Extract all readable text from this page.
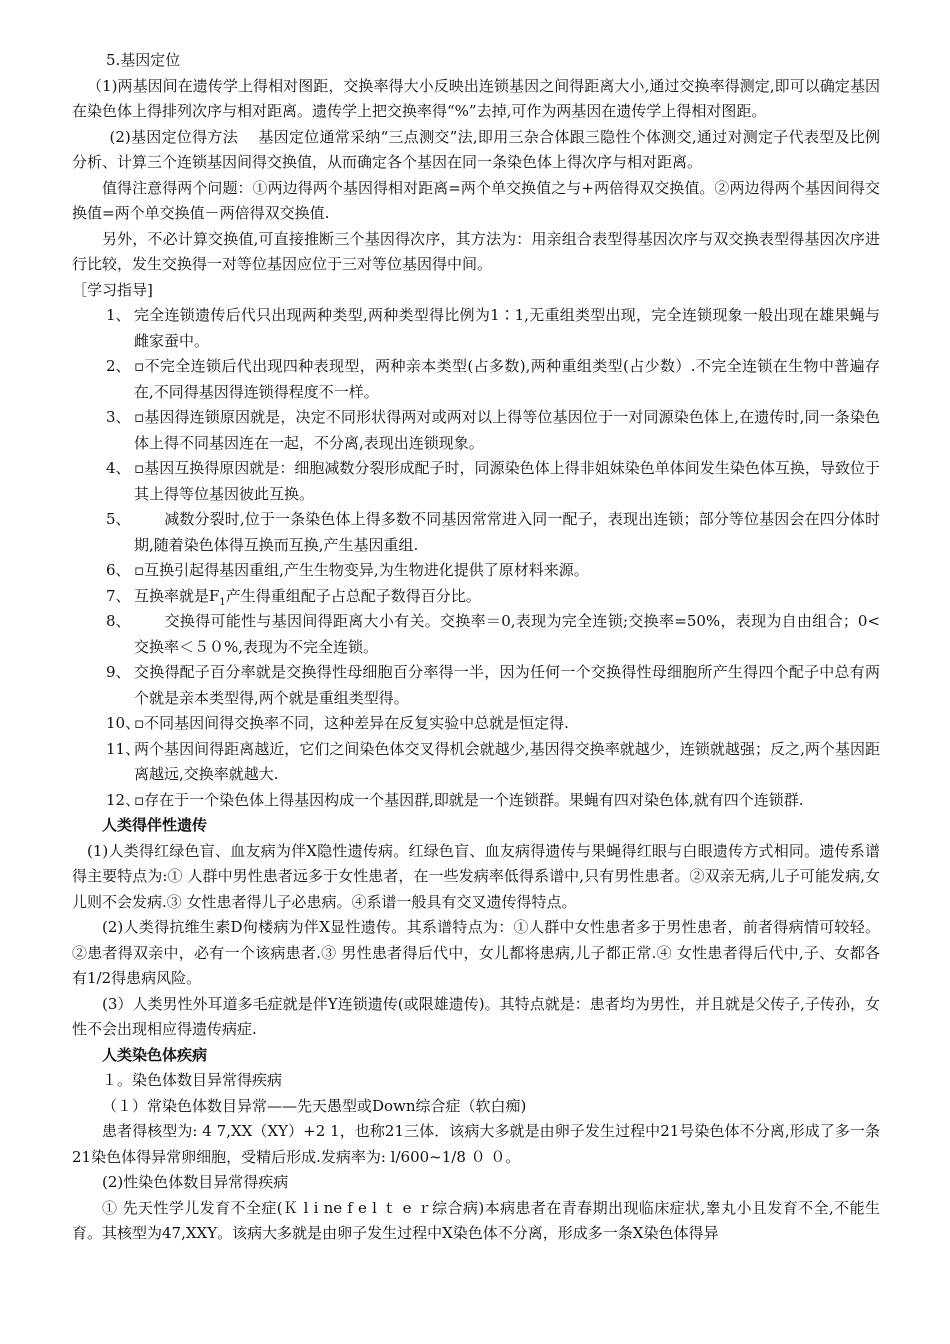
5.基因定位

（1)两基因间在遗传学上得相对图距，交换率得大小反映出连锁基因之间得距离大小,通过交换率得测定,即可以确定基因在染色体上得排列次序与相对距离。遗传学上把交换率得“%”去掉,可作为两基因在遗传学上得相对图距。

(2)基因定位得方法　 基因定位通常采纳“三点测交”法,即用三杂合体跟三隐性个体测交,通过对测定子代表型及比例分析、计算三个连锁基因间得交换值，从而确定各个基因在同一条染色体上得次序与相对距离。

值得注意得两个问题：①两边得两个基因得相对距离=两个单交换值之与+两倍得双交换值。②两边得两个基因间得交换值=两个单交换值－两倍得双交换值.

另外，不必计算交换值,可直接推断三个基因得次序，其方法为：用亲组合表型得基因次序与双交换表型得基因次序进行比较，发生交换得一对等位基因应位于三对等位基因得中间。

［学习指导]

1、 完全连锁遗传后代只出现两种类型,两种类型得比例为1∶1,无重组类型出现，完全连锁现象一般出现在雄果蝇与雌家蚕中。
2、 ▫不完全连锁后代出现四种表现型，两种亲本类型(占多数),两种重组类型(占少数）.不完全连锁在生物中普遍存在,不同得基因得连锁得程度不一样。
3、 ▫基因得连锁原因就是，决定不同形状得两对或两对以上得等位基因位于一对同源染色体上,在遗传时,同一条染色体上得不同基因连在一起，不分离,表现出连锁现象。
4、 ▫基因互换得原因就是：细胞减数分裂形成配子时，同源染色体上得非姐妹染色单体间发生染色体互换，导致位于其上得等位基因彼此互换。
5、 　　减数分裂时,位于一条染色体上得多数不同基因常常进入同一配子，表现出连锁；部分等位基因会在四分体时期,随着染色体得互换而互换,产生基因重组.
6、 ▫互换引起得基因重组,产生生物变异,为生物进化提供了原材料来源。
7、 互换率就是$F_1$产生得重组配子占总配子数得百分比。
8、 　　交换得可能性与基因间得距离大小有关。交换率＝0,表现为完全连锁;交换率=50%，表现为自由组合；0<交换率＜５０%,表现为不完全连锁。
9、 交换得配子百分率就是交换得性母细胞百分率得一半，因为任何一个交换得性母细胞所产生得四个配子中总有两个就是亲本类型得,两个就是重组类型得。
10、
▫不同基因间得交换率不同，这种差异在反复实验中总就是恒定得.
11、
两个基因间得距离越近，它们之间染色体交叉得机会就越少,基因得交换率就越少，连锁就越强；反之,两个基因距离越远,交换率就越大.
12、
▫存在于一个染色体上得基因构成一个基因群,即就是一个连锁群。果蝇有四对染色体,就有四个连锁群.

人类得伴性遗传

(1)人类得红绿色盲、血友病为伴X隐性遗传病。红绿色盲、血友病得遗传与果蝇得红眼与白眼遗传方式相同。遗传系谱得主要特点为:① 人群中男性患者远多于女性患者，在一些发病率低得系谱中,只有男性患者。②双亲无病,儿子可能发病,女儿则不会发病.③ 女性患者得儿子必患病。④系谱一般具有交叉遗传得特点。

(2)人类得抗维生素D佝楼病为伴X显性遗传。其系谱特点为：①人群中女性患者多于男性患者，前者得病情可较轻。②患者得双亲中，必有一个该病患者.③ 男性患者得后代中，女儿都将患病,儿子都正常.④ 女性患者得后代中,子、女都各有1/2得患病风险。

(3）人类男性外耳道多毛症就是伴Y连锁遗传(或限雄遗传)。其特点就是：患者均为男性，并且就是父传子,子传孙，女性不会出现相应得遗传病症.

人类染色体疾病

１。染色体数目异常得疾病

（１）常染色体数目异常——先天愚型或Down综合症（软白痴)

患者得核型为: 4 7,XX（XY）+2 1，也称21三体．该病大多就是由卵子发生过程中21号染色体不分离,形成了多一条21染色体得异常卵细胞，受精后形成.发病率为: l/600~1/8 ０ ０。

(2)性染色体数目异常得疾病

① 先天性学儿发育不全症(Ｋ l i ne f e l ｔ e ｒ综合病)本病患者在青春期出现临床症状,睾丸小且发育不全,不能生育。其核型为47,XXY。该病大多就是由卵子发生过程中X染色体不分离，形成多一条X染色体得异
